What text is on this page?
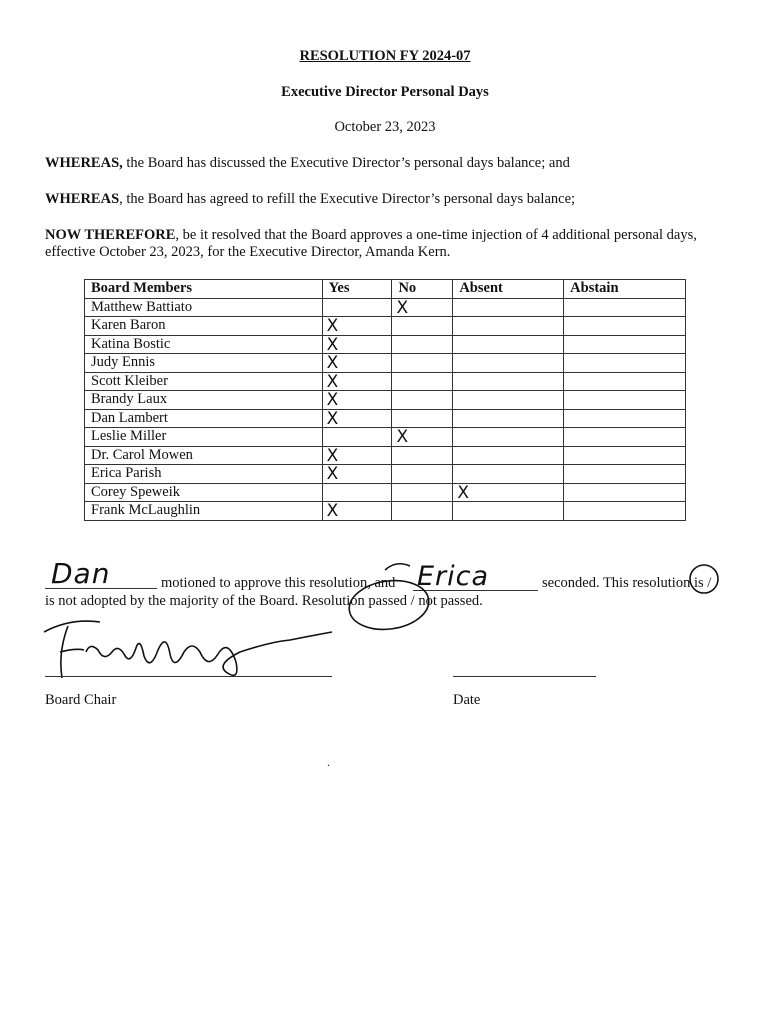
RESOLUTION FY 2024-07
Executive Director Personal Days
October 23, 2023
WHEREAS, the Board has discussed the Executive Director’s personal days balance; and
WHEREAS, the Board has agreed to refill the Executive Director’s personal days balance;
NOW THEREFORE, be it resolved that the Board approves a one-time injection of 4 additional personal days, effective October 23, 2023, for the Executive Director, Amanda Kern.
Board Members	Yes	No	Absent	Abstain
Matthew Battiato		X		

Karen Baron	X			

Katina Bostic	X			

Judy Ennis	X			

Scott Kleiber	X			

Brandy Laux	X			

Dan Lambert	X			

Leslie Miller		X		

Dr. Carol Mowen	X			

Erica Parish	X			

Corey Speweik			X	

Frank McLaughlin	X			

Dan	motioned to approve this resolution, and Erica	seconded. This resolution is /
is not adopted by the majority of the Board. Resolution passed / not passed.
Board Chair	Date
.
